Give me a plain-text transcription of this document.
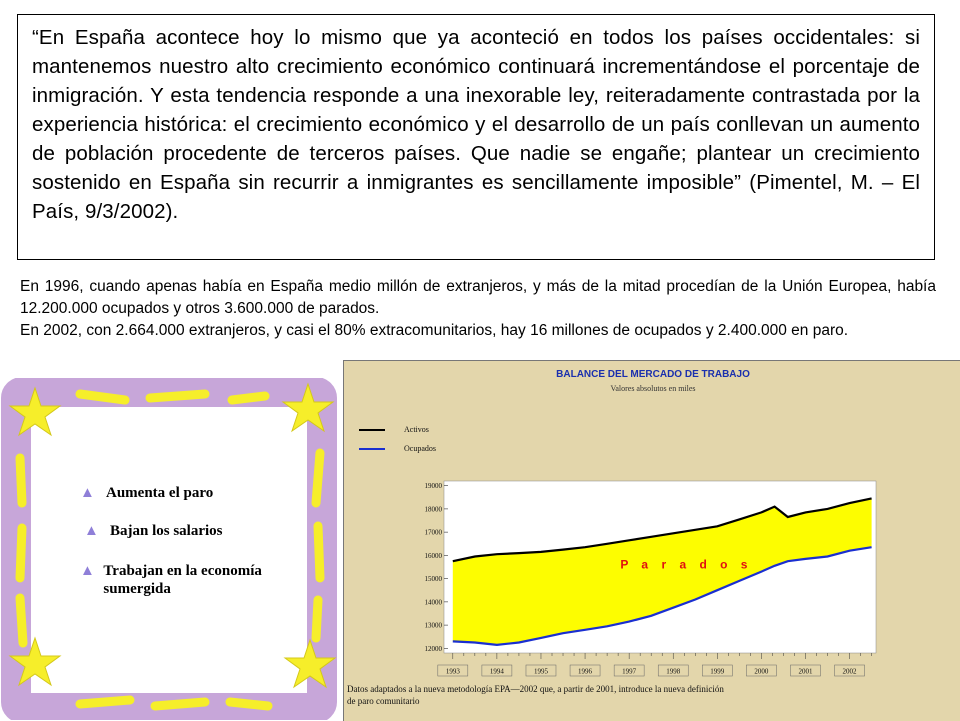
“En España acontece hoy lo mismo que ya aconteció en todos los países occidentales: si mantenemos nuestro alto crecimiento económico continuará incrementándose el porcentaje de inmigración. Y esta tendencia responde a una inexorable ley, reiteradamente contrastada por la experiencia histórica: el crecimiento económico y el desarrollo de un país conllevan un aumento de población procedente de terceros países. Que nadie se engañe; plantear un crecimiento sostenido en España sin recurrir a inmigrantes es sencillamente imposible” (Pimentel, M. – El País, 9/3/2002).

En 1996, cuando apenas había en España medio millón de extranjeros, y más de la mitad procedían de la Unión Europea, había 12.200.000 ocupados y otros 3.600.000 de parados.

En 2002, con 2.664.000 extranjeros, y casi el 80% extracomunitarios, hay 16 millones de ocupados y 2.400.000 en paro.

▲ Aumenta el paro
▲ Bajan los salarios
▲ Trabajan en la economía sumergida
BALANCE DEL MERCADO DE TRABAJO
Valores absolutos en miles
Activos
Ocupados
12000
13000
14000
15000
16000
17000
18000
19000
1993	1994	1995	1996	1997	1998	1999	2000	2001	2002
P a r a d o s
Datos adaptados a la nueva metodología EPA—2002 que, a partir de 2001, introduce la nueva definición
de paro comunitario
